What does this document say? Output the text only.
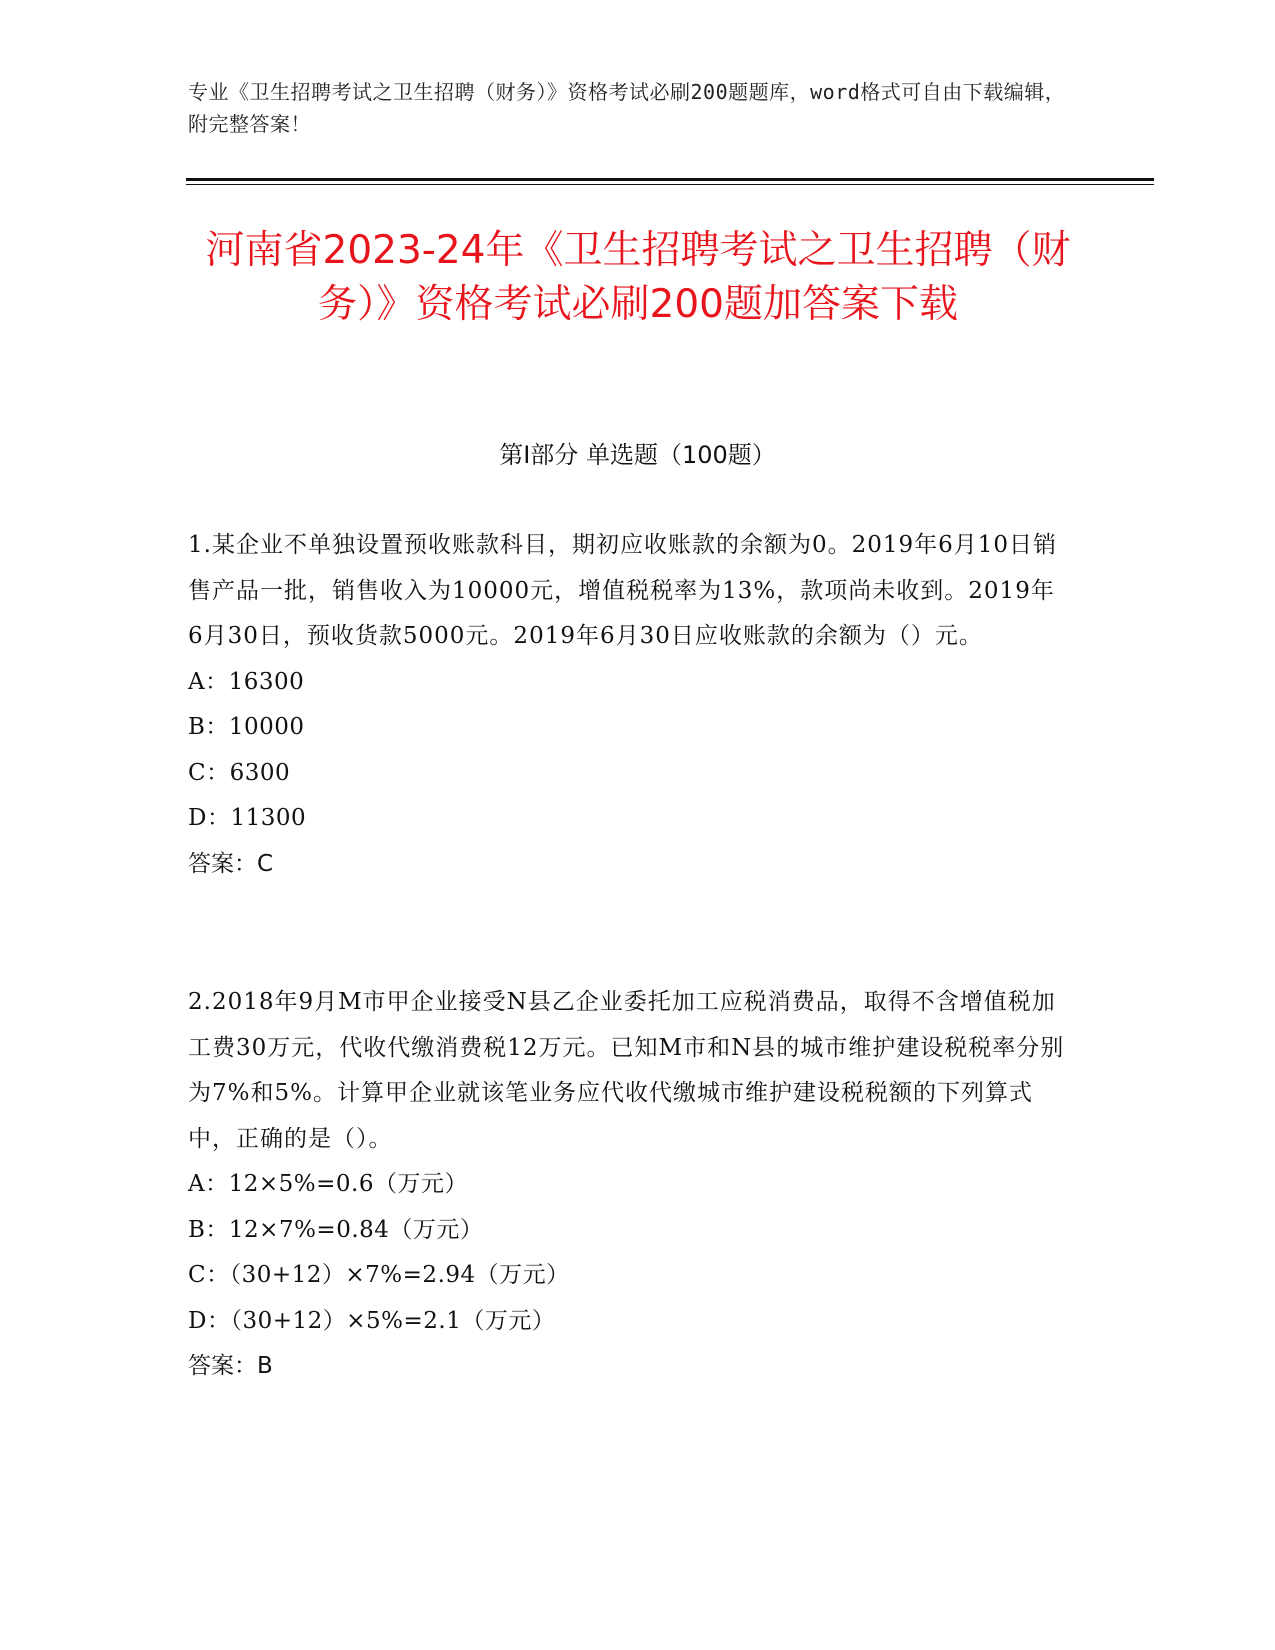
专业《卫生招聘考试之卫生招聘（财务）》资格考试必刷200题题库，word格式可自由下载编辑，附完整答案！
河南省2023-24年《卫生招聘考试之卫生招聘（财务）》资格考试必刷200题加答案下载
第I部分 单选题（100题）

1.某企业不单独设置预收账款科目，期初应收账款的余额为0。2019年6月10日销售产品一批，销售收入为10000元，增值税税率为13%，款项尚未收到。2019年6月30日，预收货款5000元。2019年6月30日应收账款的余额为（）元。

A：16300

B：10000

C：6300

D：11300

答案：C

2.2018年9月M市甲企业接受N县乙企业委托加工应税消费品，取得不含增值税加工费30万元，代收代缴消费税12万元。已知M市和N县的城市维护建设税税率分别为7%和5%。计算甲企业就该笔业务应代收代缴城市维护建设税税额的下列算式中，正确的是（）。

A：12×5%=0.6（万元）

B：12×7%=0.84（万元）

C：（30+12）×7%=2.94（万元）

D：（30+12）×5%=2.1（万元）

答案：B
